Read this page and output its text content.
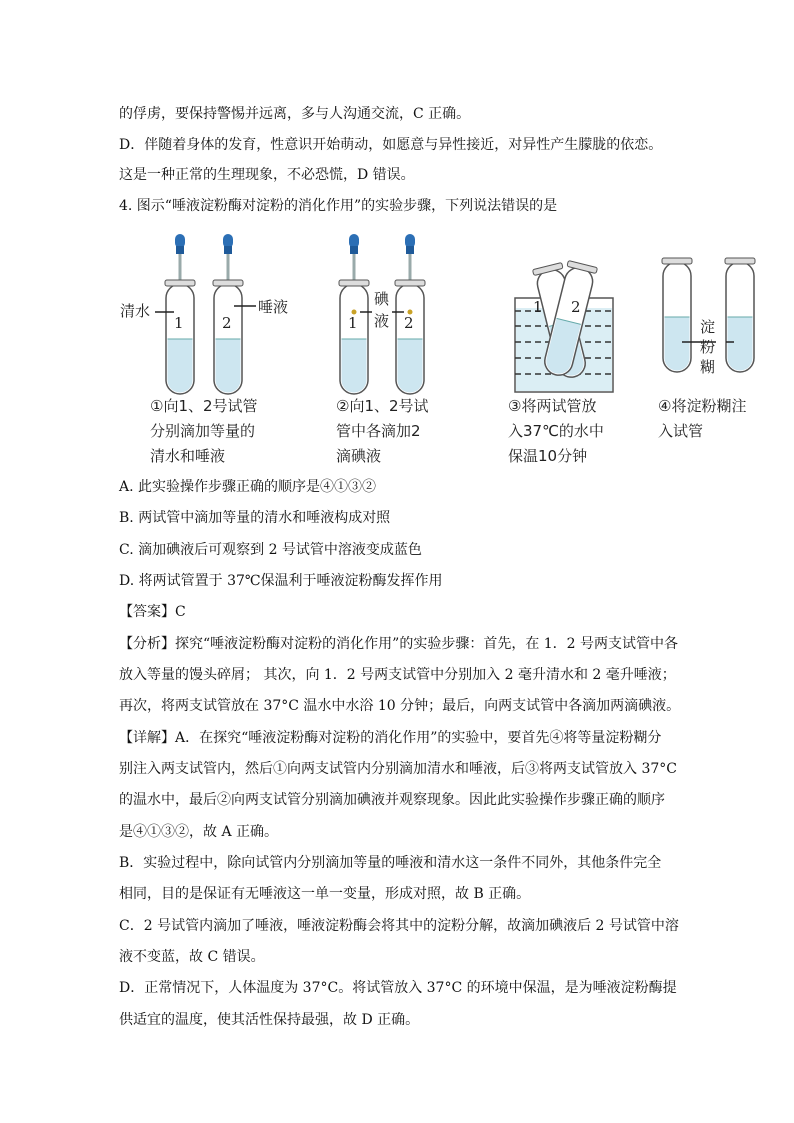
的俘虏，要保持警惕并远离，多与人沟通交流，C 正确。
D．伴随着身体的发育，性意识开始萌动，如愿意与异性接近，对异性产生朦胧的依恋。
这是一种正常的生理现象，不必恐慌，D 错误。
4. 图示“唾液淀粉酶对淀粉的消化作用”的实验步骤，下列说法错误的是
清水	唾液
1	2
碘
液
1	2
1 2
淀
粉
糊
①向1、2号试管
分别滴加等量的
清水和唾液
②向1、2号试
管中各滴加2
滴碘液
③将两试管放
入37℃的水中
保温10分钟
④将淀粉糊注
入试管
A. 此实验操作步骤正确的顺序是④①③②
B. 两试管中滴加等量的清水和唾液构成对照
C. 滴加碘液后可观察到 2 号试管中溶液变成蓝色
D. 将两试管置于 37℃保温利于唾液淀粉酶发挥作用
【答案】C
【分析】探究“唾液淀粉酶对淀粉的消化作用”的实验步骤：首先，在 1．2 号两支试管中各
放入等量的馒头碎屑； 其次，向 1．2 号两支试管中分别加入 2 毫升清水和 2 毫升唾液；
再次，将两支试管放在 37°C 温水中水浴 10 分钟；最后，向两支试管中各滴加两滴碘液。
【详解】A．在探究“唾液淀粉酶对淀粉的消化作用”的实验中，要首先④将等量淀粉糊分
别注入两支试管内，然后①向两支试管内分别滴加清水和唾液，后③将两支试管放入 37°C
的温水中，最后②向两支试管分别滴加碘液并观察现象。因此此实验操作步骤正确的顺序
是④①③②，故 A 正确。
B．实验过程中，除向试管内分别滴加等量的唾液和清水这一条件不同外，其他条件完全
相同，目的是保证有无唾液这一单一变量，形成对照，故 B 正确。
C．2 号试管内滴加了唾液，唾液淀粉酶会将其中的淀粉分解，故滴加碘液后 2 号试管中溶
液不变蓝，故 C 错误。
D．正常情况下，人体温度为 37°C。将试管放入 37°C 的环境中保温，是为唾液淀粉酶提
供适宜的温度，使其活性保持最强，故 D 正确。
